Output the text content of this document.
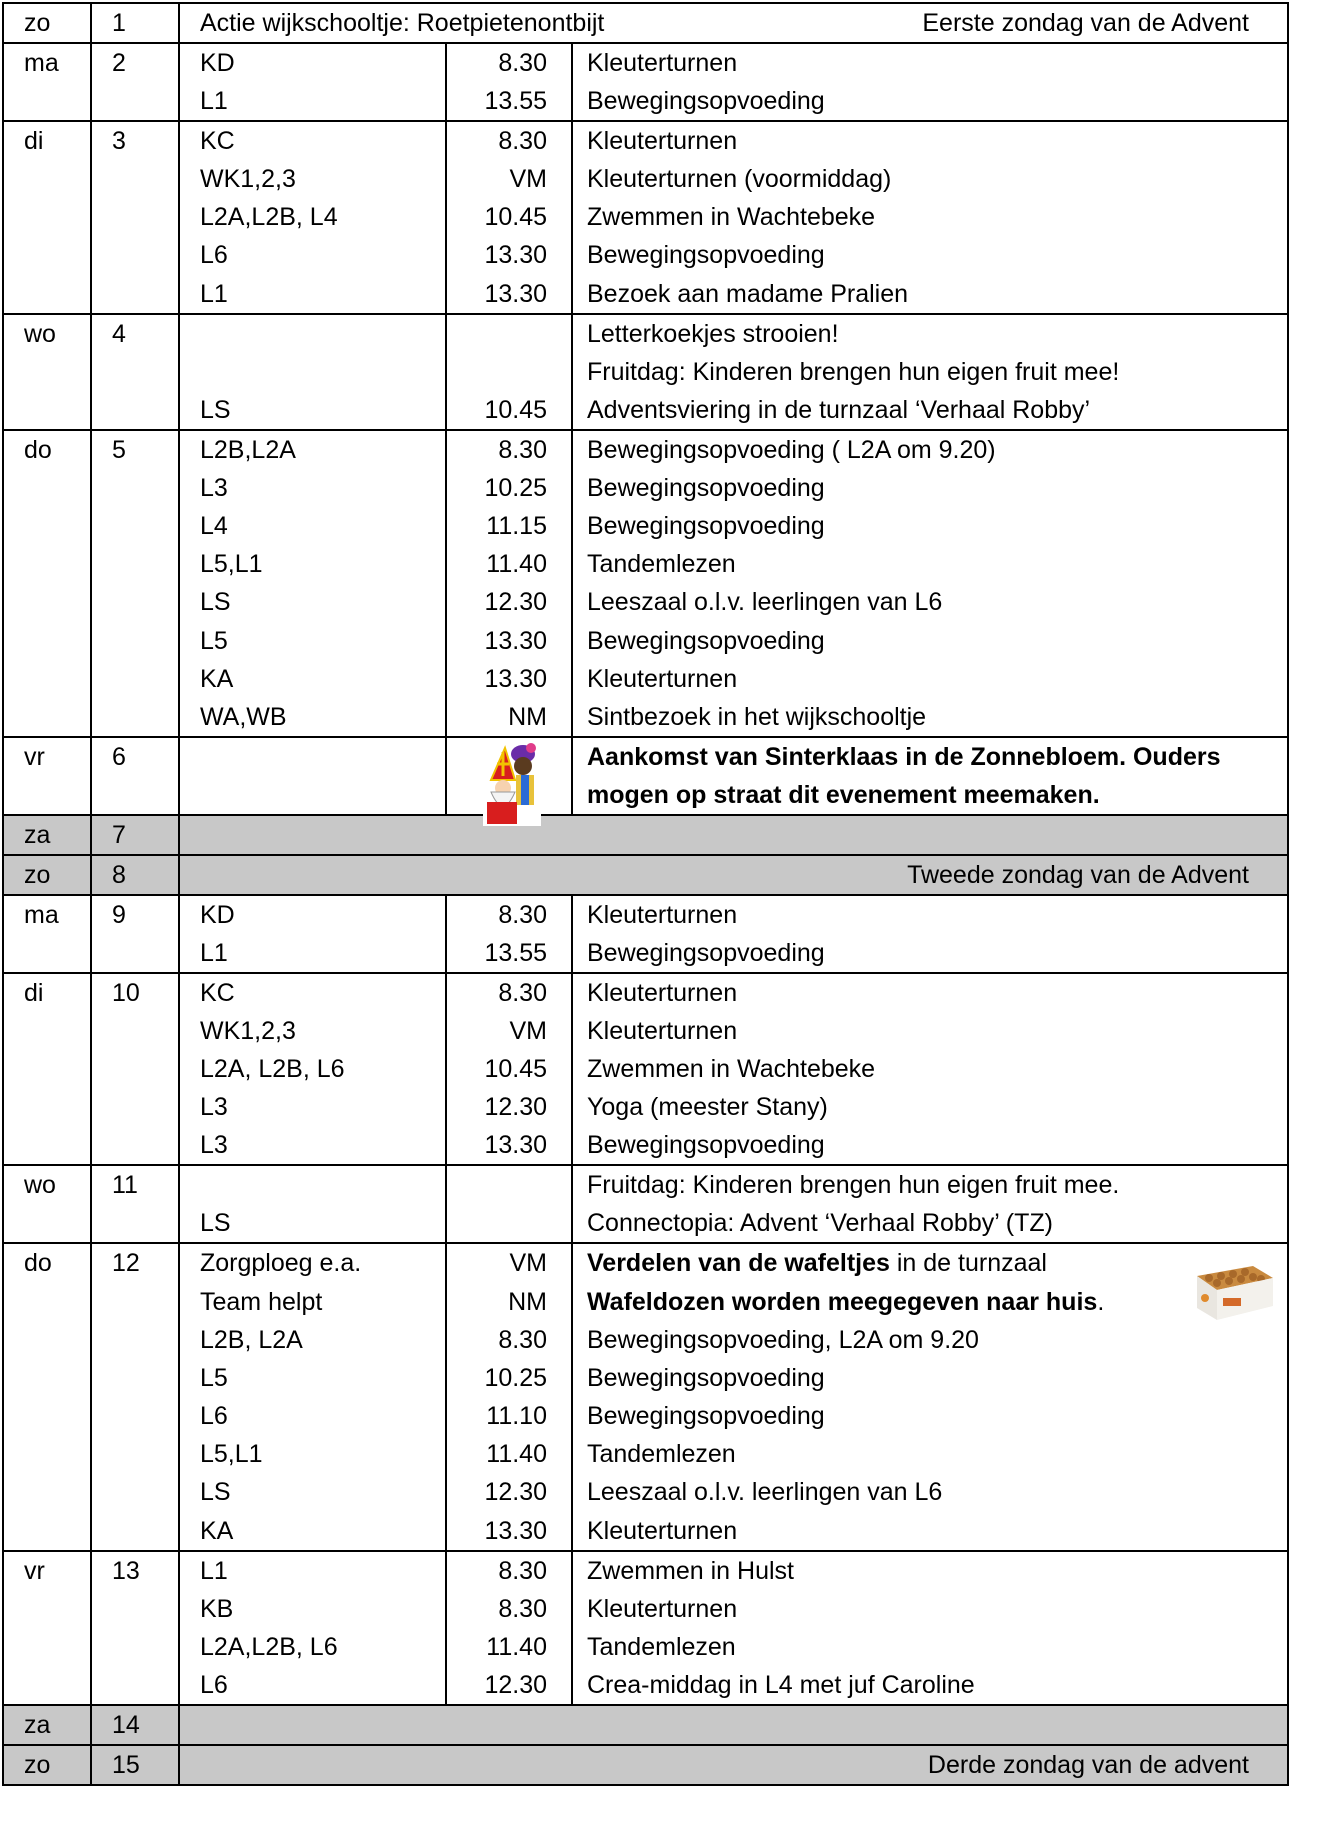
zo	1	Actie wijkschooltje: Roetpietenontbijt Eerste zondag van de Advent		

ma	2	KD	8.30	Kleuterturnen
		L1	13.55	Bewegingsopvoeding
di	3	KC	8.30	Kleuterturnen
		WK1,2,3	VM	Kleuterturnen (voormiddag)
		L2A,L2B, L4	10.45	Zwemmen in Wachtebeke
		L6	13.30	Bewegingsopvoeding
		L1	13.30	Bezoek aan madame Pralien
wo	4			Letterkoekjes strooien!
				Fruitdag: Kinderen brengen hun eigen fruit mee!
		LS	10.45	Adventsviering in de turnzaal ‘Verhaal Robby’
do	5	L2B,L2A	8.30	Bewegingsopvoeding ( L2A om 9.20)
		L3	10.25	Bewegingsopvoeding
		L4	11.15	Bewegingsopvoeding
		L5,L1	11.40	Tandemlezen
		LS	12.30	Leeszaal o.l.v. leerlingen van L6
		L5	13.30	Bewegingsopvoeding
		KA	13.30	Kleuterturnen
		WA,WB	NM	Sintbezoek in het wijkschooltje
vr	6			Aankomst van Sinterklaas in de Zonnebloem. Ouders
				mogen op straat dit evenement meemaken.
za	7			

zo	8	Tweede zondag van de Advent		

ma	9	KD	8.30	Kleuterturnen
		L1	13.55	Bewegingsopvoeding
di	10	KC	8.30	Kleuterturnen
		WK1,2,3	VM	Kleuterturnen
		L2A, L2B, L6	10.45	Zwemmen in Wachtebeke
		L3	12.30	Yoga (meester Stany)
		L3	13.30	Bewegingsopvoeding
wo	11			Fruitdag: Kinderen brengen hun eigen fruit mee.
		LS		Connectopia: Advent ‘Verhaal Robby’ (TZ)
do	12	Zorgploeg e.a.	VM	Verdelen van de wafeltjes in de turnzaal

		Team helpt	NM	Wafeldozen worden meegegeven naar huis.
		L2B, L2A	8.30	Bewegingsopvoeding, L2A om 9.20
		L5	10.25	Bewegingsopvoeding
		L6	11.10	Bewegingsopvoeding
		L5,L1	11.40	Tandemlezen
		LS	12.30	Leeszaal o.l.v. leerlingen van L6
		KA	13.30	Kleuterturnen
vr	13	L1	8.30	Zwemmen in Hulst
		KB	8.30	Kleuterturnen
		L2A,L2B, L6	11.40	Tandemlezen
		L6	12.30	Crea-middag in L4 met juf Caroline
za	14			

zo	15	Derde zondag van de advent		
